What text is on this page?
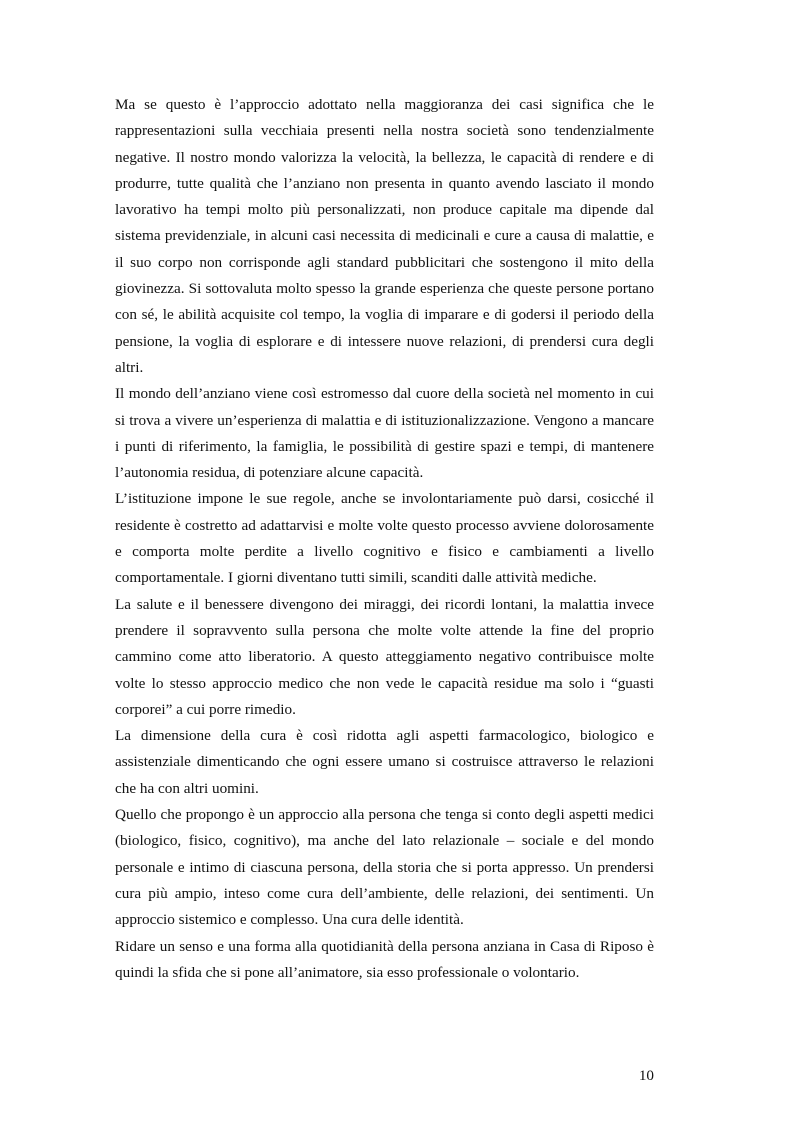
Ma se questo è l’approccio adottato nella maggioranza dei casi significa che le rappresentazioni sulla vecchiaia presenti nella nostra società sono tendenzialmente negative. Il nostro mondo valorizza la velocità, la bellezza, le capacità di rendere e di produrre, tutte qualità che l’anziano non presenta in quanto avendo lasciato il mondo lavorativo ha tempi molto più personalizzati, non produce capitale ma dipende dal sistema previdenziale, in alcuni casi necessita di medicinali e cure a causa di malattie, e il suo corpo non corrisponde agli standard pubblicitari che sostengono il mito della giovinezza. Si sottovaluta molto spesso la grande esperienza che queste persone portano con sé, le abilità acquisite col tempo, la voglia di imparare e di godersi il periodo della pensione, la voglia di esplorare e di intessere nuove relazioni, di prendersi cura degli altri.

Il mondo dell’anziano viene così estromesso dal cuore della società nel momento in cui si trova a vivere un’esperienza di malattia e di istituzionalizzazione. Vengono a mancare i punti di riferimento, la famiglia, le possibilità di gestire spazi e tempi, di mantenere l’autonomia residua, di potenziare alcune capacità.

L’istituzione impone le sue regole, anche se involontariamente può darsi, cosicché il residente è costretto ad adattarvisi e molte volte questo processo avviene dolorosamente e comporta molte perdite a livello cognitivo e fisico e cambiamenti a livello comportamentale. I giorni diventano tutti simili, scanditi dalle attività mediche.

La salute e il benessere divengono dei miraggi, dei ricordi lontani, la malattia invece prendere il sopravvento sulla persona che molte volte attende la fine del proprio cammino come atto liberatorio. A questo atteggiamento negativo contribuisce molte volte lo stesso approccio medico che non vede le capacità residue ma solo i “guasti corporei” a cui porre rimedio.

La dimensione della cura è così ridotta agli aspetti farmacologico, biologico e assistenziale dimenticando che ogni essere umano si costruisce attraverso le relazioni che ha con altri uomini.

Quello che propongo è un approccio alla persona che tenga si conto degli aspetti medici (biologico, fisico, cognitivo), ma anche del lato relazionale – sociale e del mondo personale e intimo di ciascuna persona, della storia che si porta appresso. Un prendersi cura più ampio, inteso come cura dell’ambiente, delle relazioni, dei sentimenti. Un approccio sistemico e complesso. Una cura delle identità.

Ridare un senso e una forma alla quotidianità della persona anziana in Casa di Riposo è quindi la sfida che si pone all’animatore, sia esso professionale o volontario.

10
